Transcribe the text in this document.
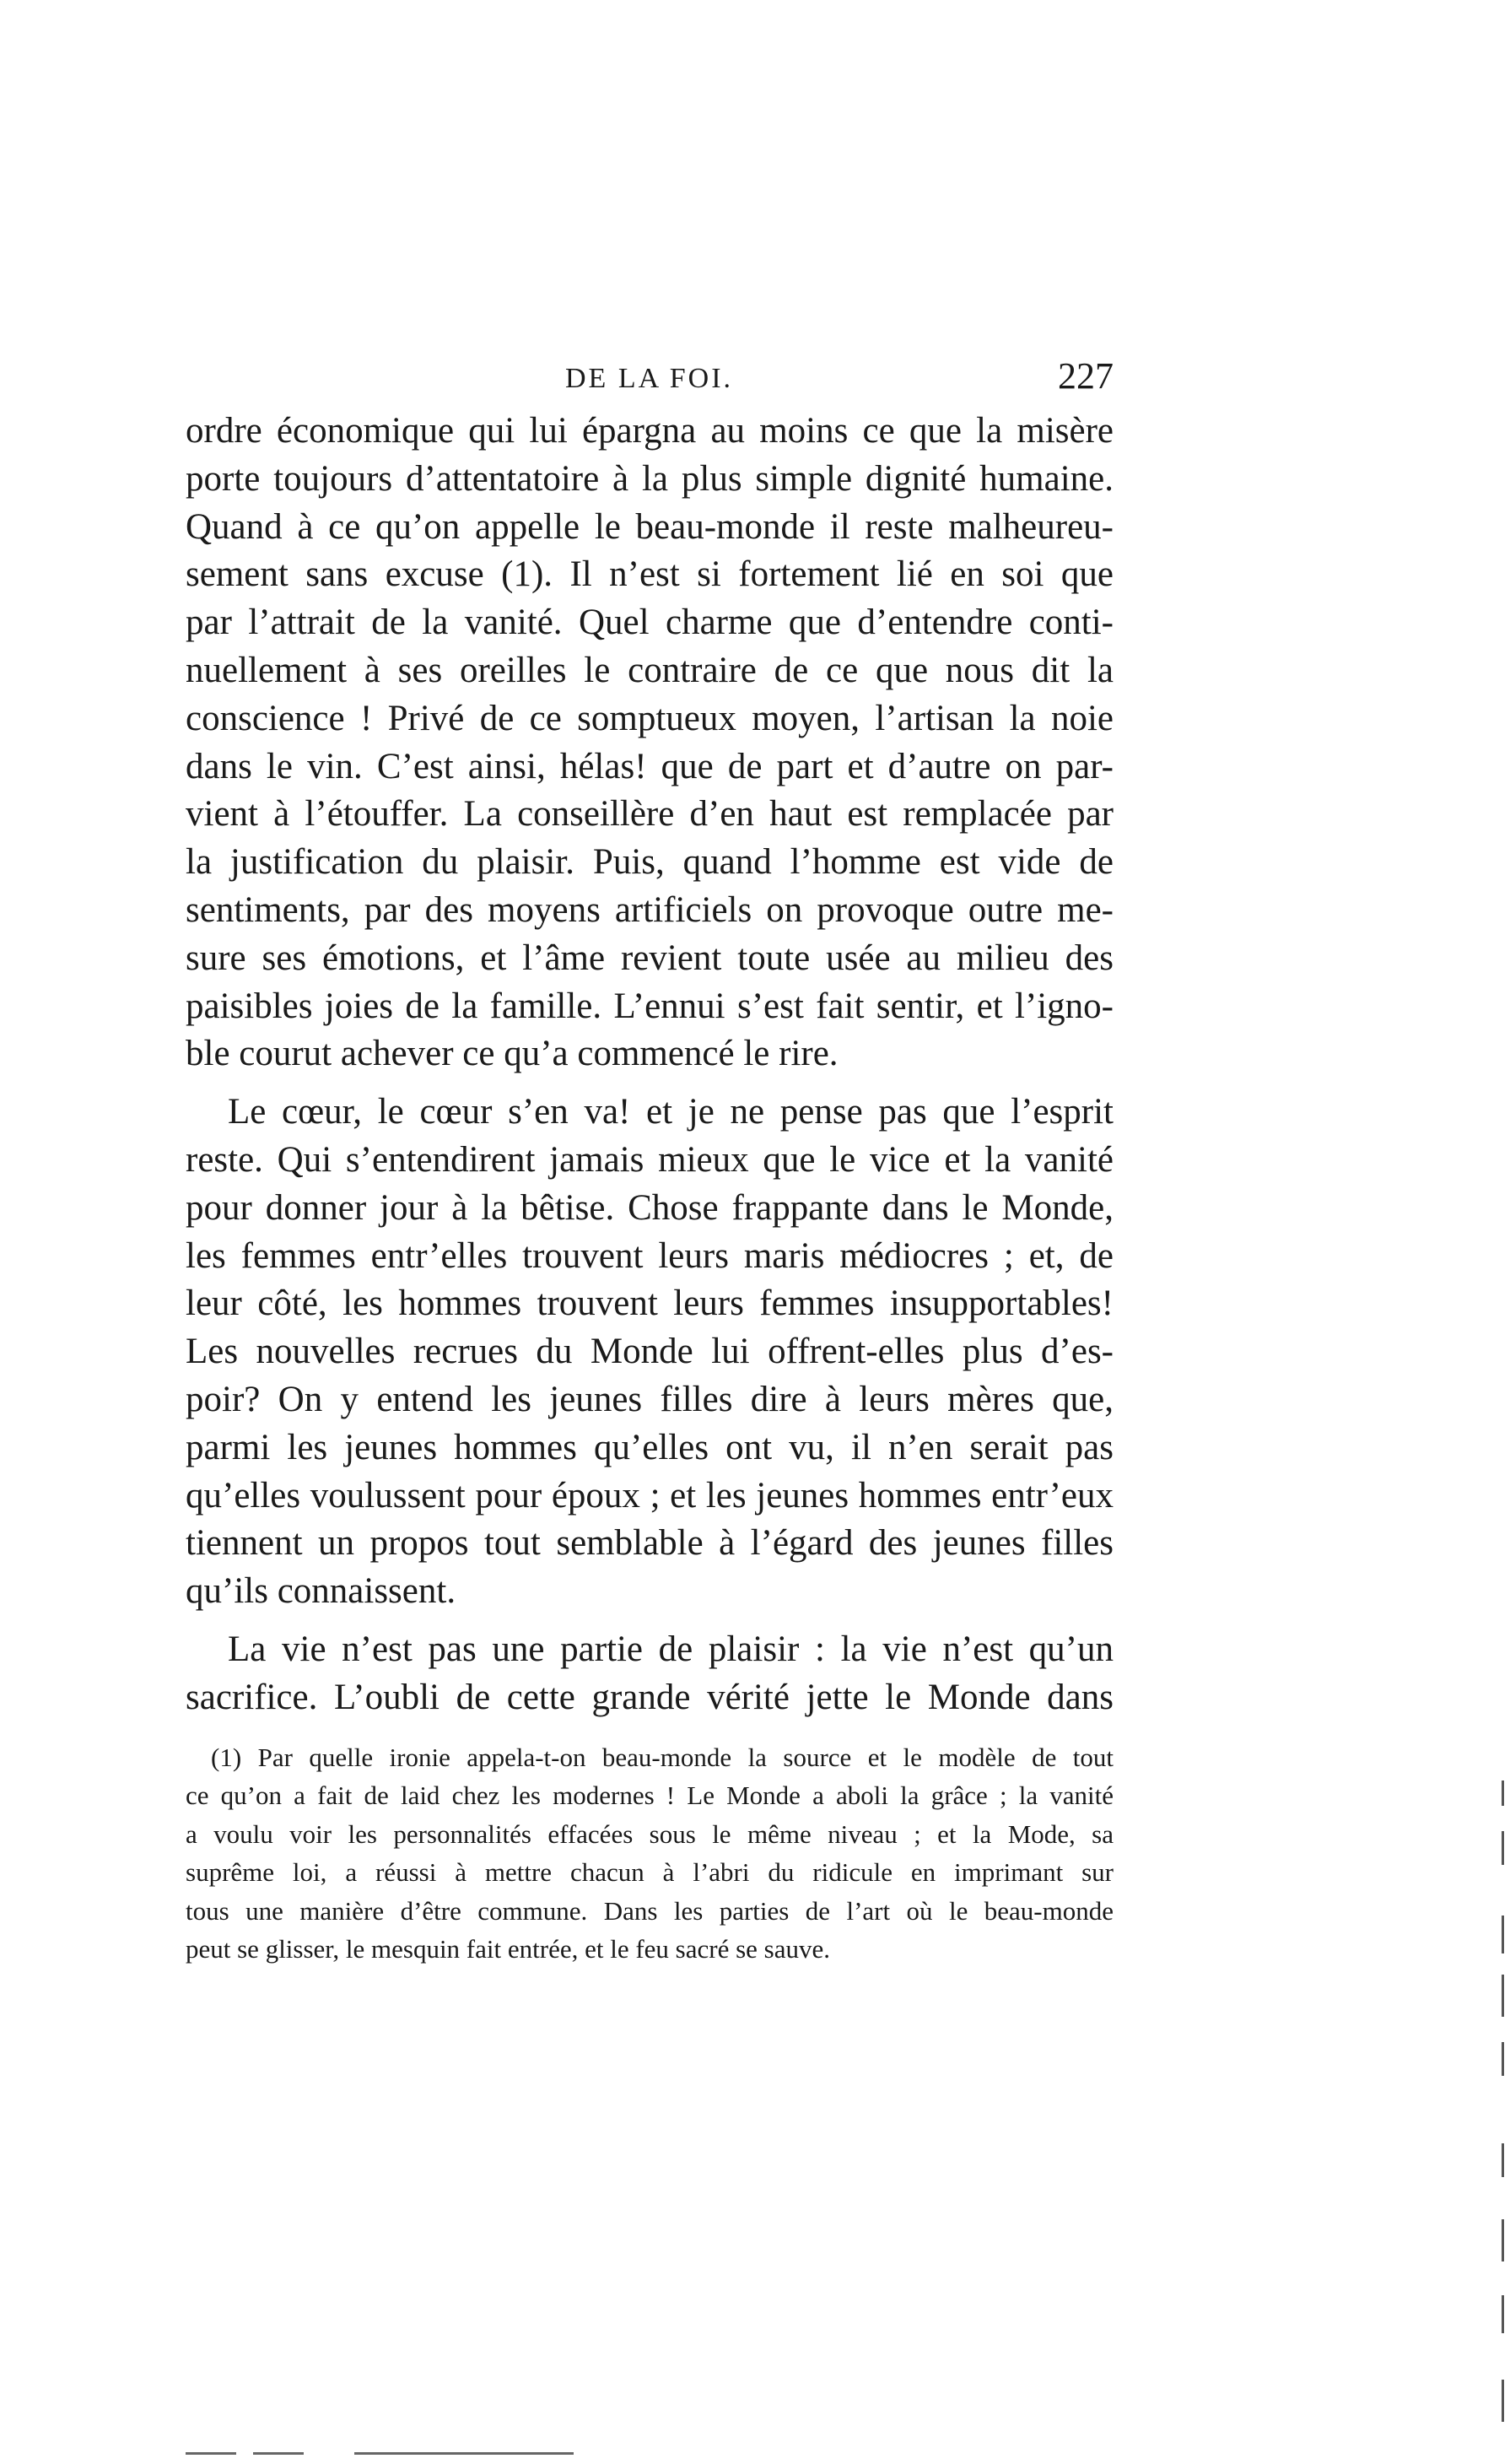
DE LA FOI.	227
ordre économique qui lui épargna au moins ce que la misère
porte toujours d’attentatoire à la plus simple dignité humaine.
Quand à ce qu’on appelle le beau-monde il reste malheureu-
sement sans excuse (1). Il n’est si fortement lié en soi que
par l’attrait de la vanité. Quel charme que d’entendre conti-
nuellement à ses oreilles le contraire de ce que nous dit la
conscience ! Privé de ce somptueux moyen, l’artisan la noie
dans le vin. C’est ainsi, hélas! que de part et d’autre on par-
vient à l’étouffer. La conseillère d’en haut est remplacée par
la justification du plaisir. Puis, quand l’homme est vide de
sentiments, par des moyens artificiels on provoque outre me-
sure ses émotions, et l’âme revient toute usée au milieu des
paisibles joies de la famille. L’ennui s’est fait sentir, et l’igno-
ble courut achever ce qu’a commencé le rire.
Le cœur, le cœur s’en va! et je ne pense pas que l’esprit
reste. Qui s’entendirent jamais mieux que le vice et la vanité
pour donner jour à la bêtise. Chose frappante dans le Monde,
les femmes entr’elles trouvent leurs maris médiocres ; et, de
leur côté, les hommes trouvent leurs femmes insupportables!
Les nouvelles recrues du Monde lui offrent-elles plus d’es-
poir? On y entend les jeunes filles dire à leurs mères que,
parmi les jeunes hommes qu’elles ont vu, il n’en serait pas
qu’elles voulussent pour époux ; et les jeunes hommes entr’eux
tiennent un propos tout semblable à l’égard des jeunes filles
qu’ils connaissent.
La vie n’est pas une partie de plaisir : la vie n’est qu’un
sacrifice. L’oubli de cette grande vérité jette le Monde dans
(1) Par quelle ironie appela-t-on beau-monde la source et le modèle de tout
ce qu’on a fait de laid chez les modernes ! Le Monde a aboli la grâce ; la vanité
a voulu voir les personnalités effacées sous le même niveau ; et la Mode, sa
suprême loi, a réussi à mettre chacun à l’abri du ridicule en imprimant sur
tous une manière d’être commune. Dans les parties de l’art où le beau-monde
peut se glisser, le mesquin fait entrée, et le feu sacré se sauve.
